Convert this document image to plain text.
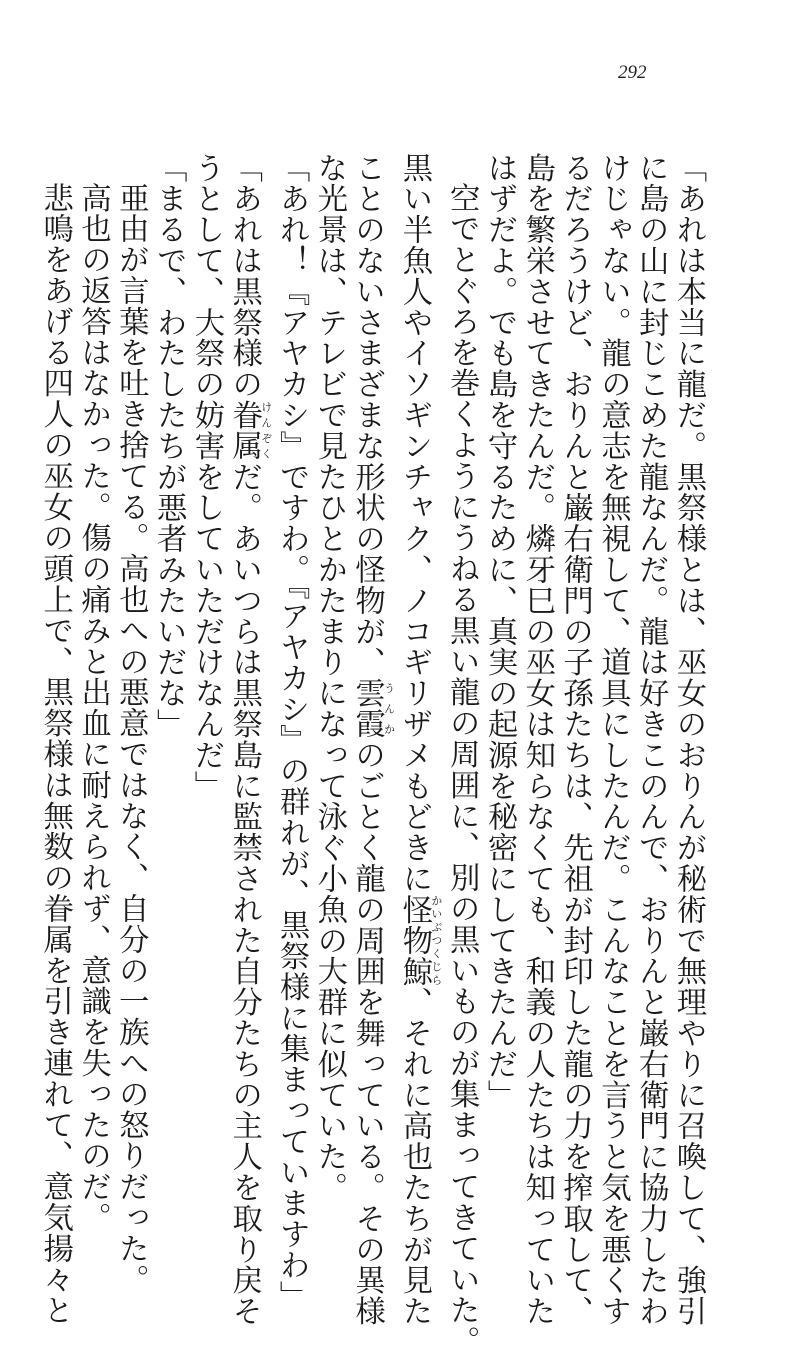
292
「あれは本当に龍だ。黒祭様とは、巫女のおりんが秘術で無理やりに召喚して、強引
に島の山に封じこめた龍なんだ。龍は好きこのんで、おりんと巌右衛門に協力したわ
けじゃない。龍の意志を無視して、道具にしたんだ。こんなことを言うと気を悪くす
るだろうけど、おりんと巌右衛門の子孫たちは、先祖が封印した龍の力を搾取して、
島を繁栄させてきたんだ。燐牙巳の巫女は知らなくても、和義の人たちは知っていた
はずだよ。でも島を守るために、真実の起源を秘密にしてきたんだ」
空でとぐろを巻くようにうねる黒い龍の周囲に、別の黒いものが集まってきていた。
黒い半魚人やイソギンチャク、ノコギリザメもどきに怪物鯨かいぶつくじら、それに高也たちが見た
ことのないさまざまな形状の怪物が、雲霞うんかのごとく龍の周囲を舞っている。その異様
な光景は、テレビで見たひとかたまりになって泳ぐ小魚の大群に似ていた。
「あれ！『アヤカシ』ですわ。『アヤカシ』の群れが、黒祭様に集まっていますわ」
「あれは黒祭様の眷属けんぞくだ。あいつらは黒祭島に監禁された自分たちの主人を取り戻そ
うとして、大祭の妨害をしていただけなんだ」
「まるで、わたしたちが悪者みたいだな」
亜由が言葉を吐き捨てる。高也への悪意ではなく、自分の一族への怒りだった。
高也の返答はなかった。傷の痛みと出血に耐えられず、意識を失ったのだ。
悲鳴をあげる四人の巫女の頭上で、黒祭様は無数の眷属を引き連れて、意気揚々と
